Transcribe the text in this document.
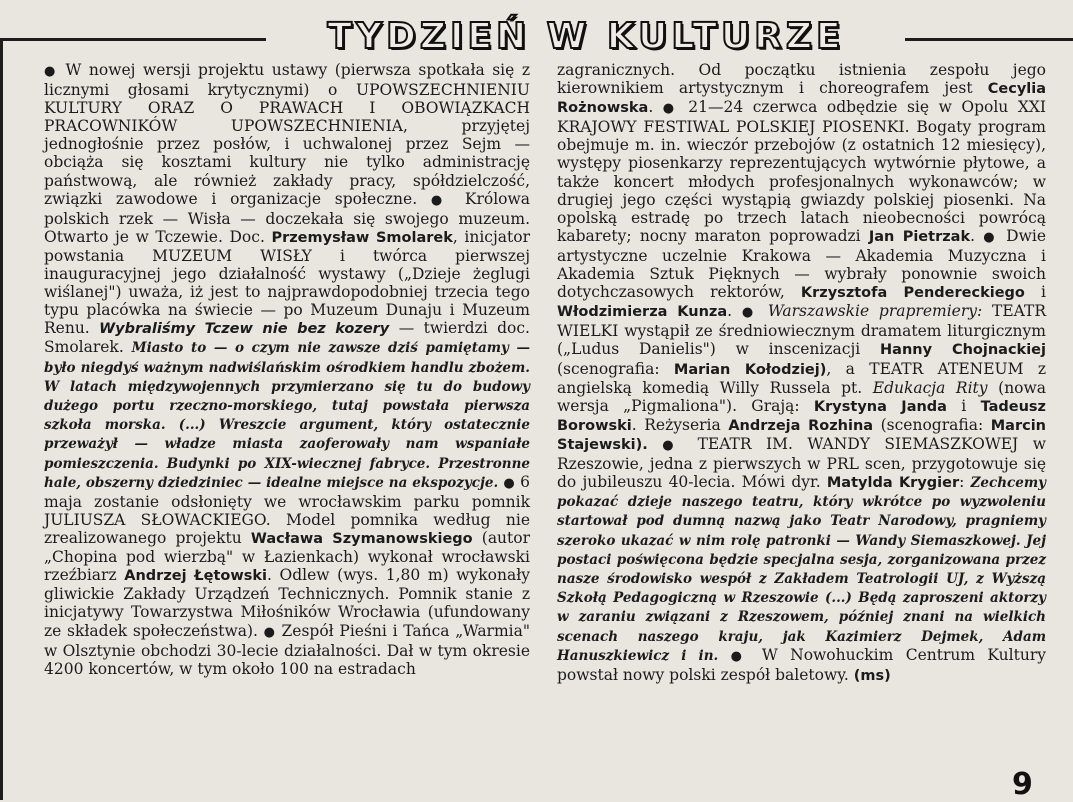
TYDZIEŃ W KULTURZE

● W nowej wersji projektu ustawy (pierwsza spotkała się z licznymi głosami krytycznymi) o UPOWSZECHNIENIU KULTURY ORAZ O PRAWACH I OBOWIĄZKACH PRACOWNIKÓW UPOWSZECHNIENIA, przyjętej jednogłośnie przez posłów, i uchwalonej przez Sejm — obciąża się kosztami kultury nie tylko administrację państwową, ale również zakłady pracy, spółdzielczość, związki zawodowe i organizacje społeczne. ● Królowa polskich rzek — Wisła — doczekała się swojego muzeum. Otwarto je w Tczewie. Doc. Przemysław Smolarek, inicjator powstania MUZEUM WISŁY i twórca pierwszej inauguracyjnej jego działalność wystawy („Dzieje żeglugi wiślanej") uważa, iż jest to najprawdopodobniej trzecia tego typu placówka na świecie — po Muzeum Dunaju i Muzeum Renu. Wybraliśmy Tczew nie bez kozery — twierdzi doc. Smolarek. Miasto to — o czym nie zawsze dziś pamiętamy — było niegdyś ważnym nadwiślańskim ośrodkiem handlu zbożem. W latach międzywojennych przymierzano się tu do budowy dużego portu rzeczno-morskiego, tutaj powstała pierwsza szkoła morska. (...) Wreszcie argument, który ostatecznie przeważył — władze miasta zaoferowały nam wspaniałe pomieszczenia. Budynki po XIX-wiecznej fabryce. Przestronne hale, obszerny dziedziniec — idealne miejsce na ekspozycje. ● 6 maja zostanie odsłonięty we wrocławskim parku pomnik JULIUSZA SŁOWACKIEGO. Model pomnika według nie zrealizowanego projektu Wacława Szymanowskiego (autor „Chopina pod wierzbą" w Łazienkach) wykonał wrocławski rzeźbiarz Andrzej Łętowski. Odlew (wys. 1,80 m) wykonały gliwickie Zakłady Urządzeń Technicznych. Pomnik stanie z inicjatywy Towarzystwa Miłośników Wrocławia (ufundowany ze składek społeczeństwa). ● Zespół Pieśni i Tańca „Warmia" w Olsztynie obchodzi 30-lecie działalności. Dał w tym okresie 4200 koncertów, w tym około 100 na estradach

zagranicznych. Od początku istnienia zespołu jego kierownikiem artystycznym i choreografem jest Cecylia Rożnowska. ● 21—24 czerwca odbędzie się w Opolu XXI KRAJOWY FESTIWAL POLSKIEJ PIOSENKI. Bogaty program obejmuje m. in. wieczór przebojów (z ostatnich 12 miesięcy), występy piosenkarzy reprezentujących wytwórnie płytowe, a także koncert młodych profesjonalnych wykonawców; w drugiej jego części wystąpią gwiazdy polskiej piosenki. Na opolską estradę po trzech latach nieobecności powrócą kabarety; nocny maraton poprowadzi Jan Pietrzak. ● Dwie artystyczne uczelnie Krakowa — Akademia Muzyczna i Akademia Sztuk Pięknych — wybrały ponownie swoich dotychczasowych rektorów, Krzysztofa Pendereckiego i Włodzimierza Kunza. ● Warszawskie prapremiery: TEATR WIELKI wystąpił ze średniowiecznym dramatem liturgicznym („Ludus Danielis") w inscenizacji Hanny Chojnackiej (scenografia: Marian Kołodziej), a TEATR ATENEUM z angielską komedią Willy Russela pt. Edukacja Rity (nowa wersja „Pigmaliona"). Grają: Krystyna Janda i Tadeusz Borowski. Reżyseria Andrzeja Rozhina (scenografia: Marcin Stajewski). ● TEATR IM. WANDY SIEMASZKOWEJ w Rzeszowie, jedna z pierwszych w PRL scen, przygotowuje się do jubileuszu 40-lecia. Mówi dyr. Matylda Krygier: Zechcemy pokazać dzieje naszego teatru, który wkrótce po wyzwoleniu startował pod dumną nazwą jako Teatr Narodowy, pragniemy szeroko ukazać w nim rolę patronki — Wandy Siemaszkowej. Jej postaci poświęcona będzie specjalna sesja, zorganizowana przez nasze środowisko wespół z Zakładem Teatrologii UJ, z Wyższą Szkołą Pedagogiczną w Rzeszowie (...) Będą zaproszeni aktorzy w zaraniu związani z Rzeszowem, później znani na wielkich scenach naszego kraju, jak Kazimierz Dejmek, Adam Hanuszkiewicz i in. ● W Nowohuckim Centrum Kultury powstał nowy polski zespół baletowy. (ms)

9
